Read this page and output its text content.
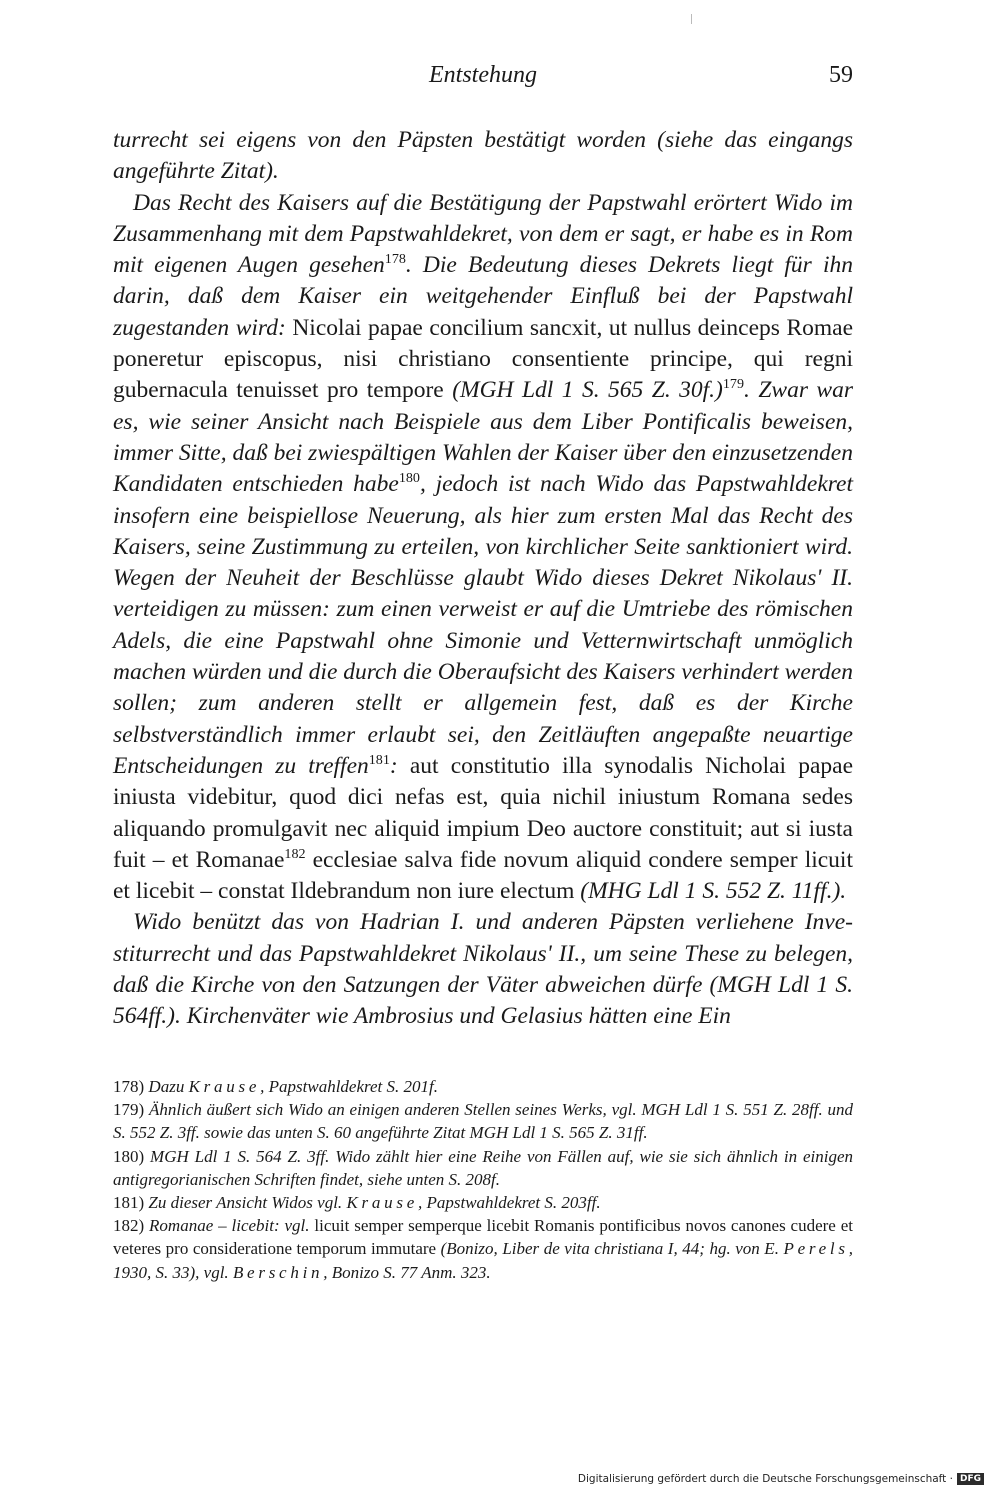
Entstehung	59

turrecht sei eigens von den Päpsten bestätigt worden (siehe das eingangs angeführte Zitat).

Das Recht des Kaisers auf die Bestätigung der Papstwahl erörtert Wido im Zusammenhang mit dem Papstwahldekret, von dem er sagt, er habe es in Rom mit eigenen Augen gesehen$^{178}$. Die Bedeutung dieses Dekrets liegt für ihn darin, daß dem Kaiser ein weitgehender Einfluß bei der Papstwahl zugestanden wird: Nicolai papae concilium sancxit, ut nullus deinceps Romae poneretur episcopus, nisi christiano consentiente principe, qui regni gubernacula tenuisset pro tempore (MGH Ldl 1 S. 565 Z. 30f.)$^{179}$. Zwar war es, wie seiner Ansicht nach Beispiele aus dem Liber Pontificalis beweisen, immer Sitte, daß bei zwiespältigen Wahlen der Kaiser über den einzusetzenden Kandidaten entschieden habe$^{180}$, jedoch ist nach Wido das Papstwahldekret insofern eine beispiellose Neuerung, als hier zum ersten Mal das Recht des Kaisers, seine Zustimmung zu erteilen, von kirchlicher Seite sanktioniert wird. Wegen der Neuheit der Beschlüsse glaubt Wido dieses Dekret Nikolaus' II. verteidigen zu müssen: zum einen verweist er auf die Umtriebe des römischen Adels, die eine Papstwahl ohne Simonie und Vetternwirtschaft unmöglich machen würden und die durch die Oberaufsicht des Kaisers verhindert werden sollen; zum anderen stellt er allgemein fest, daß es der Kirche selbstverständlich immer erlaubt sei, den Zeitläuften angepaßte neuartige Entscheidungen zu treffen$^{181}$: aut constitutio illa synodalis Nicholai papae iniusta videbitur, quod dici nefas est, quia nichil iniustum Romana sedes aliquando promulgavit nec aliquid impium Deo auctore constituit; aut si iusta fuit – et Romanae$^{182}$ ecclesiae salva fide novum aliquid condere semper licuit et licebit – constat Ildebrandum non iure electum (MHG Ldl 1 S. 552 Z. 11ff.).

Wido benützt das von Hadrian I. und anderen Päpsten verliehene Investiturrecht und das Papstwahldekret Nikolaus' II., um seine These zu belegen, daß die Kirche von den Satzungen der Väter abweichen dürfe (MGH Ldl 1 S. 564ff.). Kirchenväter wie Ambrosius und Gelasius hätten eine Ein

178) Dazu Krause, Papstwahldekret S. 201f.

179) Ähnlich äußert sich Wido an einigen anderen Stellen seines Werks, vgl. MGH Ldl 1 S. 551 Z. 28ff. und S. 552 Z. 3ff. sowie das unten S. 60 angeführte Zitat MGH Ldl 1 S. 565 Z. 31ff.

180) MGH Ldl 1 S. 564 Z. 3ff. Wido zählt hier eine Reihe von Fällen auf, wie sie sich ähnlich in einigen antigregorianischen Schriften findet, siehe unten S. 208f.

181) Zu dieser Ansicht Widos vgl. Krause, Papstwahldekret S. 203ff.

182) Romanae – licebit: vgl. licuit semper semperque licebit Romanis pontificibus novos canones cudere et veteres pro consideratione temporum immutare (Bonizo, Liber de vita christiana I, 44; hg. von E. Perels, 1930, S. 33), vgl. Berschin, Bonizo S. 77 Anm. 323.

Digitalisierung gefördert durch die Deutsche Forschungsgemeinschaft · DFG
